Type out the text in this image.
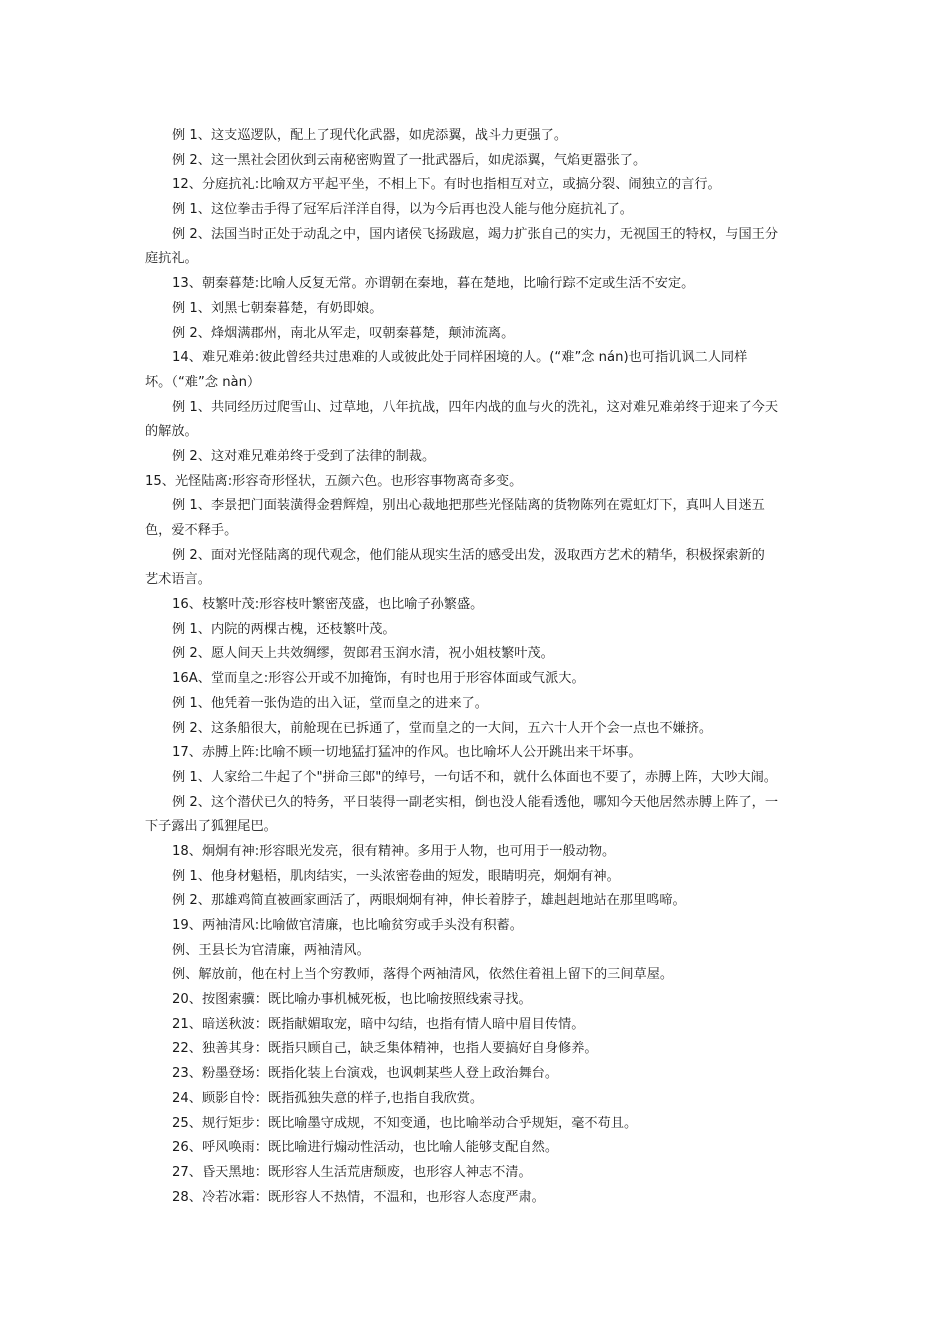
例 1、这支巡逻队，配上了现代化武器，如虎添翼，战斗力更强了。
例 2、这一黑社会团伙到云南秘密购置了一批武器后，如虎添翼，气焰更嚣张了。
12、分庭抗礼:比喻双方平起平坐，不相上下。有时也指相互对立，或搞分裂、闹独立的言行。
例 1、这位拳击手得了冠军后洋洋自得，以为今后再也没人能与他分庭抗礼了。
例 2、法国当时正处于动乱之中，国内诸侯飞扬跋扈，竭力扩张自己的实力，无视国王的特权，与国王分
庭抗礼。
13、朝秦暮楚:比喻人反复无常。亦谓朝在秦地，暮在楚地，比喻行踪不定或生活不安定。
例 1、刘黑七朝秦暮楚，有奶即娘。
例 2、烽烟满郡州，南北从军走，叹朝秦暮楚，颠沛流离。
14、难兄难弟:彼此曾经共过患难的人或彼此处于同样困境的人。(“难”念 nán)也可指讥讽二人同样
坏。（“难”念 nàn）
例 1、共同经历过爬雪山、过草地，八年抗战，四年内战的血与火的洗礼，这对难兄难弟终于迎来了今天
的解放。
例 2、这对难兄难弟终于受到了法律的制裁。
15、光怪陆离:形容奇形怪状，五颜六色。也形容事物离奇多变。
例 1、李景把门面装潢得金碧辉煌，别出心裁地把那些光怪陆离的货物陈列在霓虹灯下，真叫人目迷五
色，爱不释手。
例 2、面对光怪陆离的现代观念，他们能从现实生活的感受出发，汲取西方艺术的精华，积极探索新的
艺术语言。
16、枝繁叶茂:形容枝叶繁密茂盛，也比喻子孙繁盛。
例 1、内院的两棵古槐，还枝繁叶茂。
例 2、愿人间天上共效绸缪，贺郎君玉润水清，祝小姐枝繁叶茂。
16A、堂而皇之:形容公开或不加掩饰，有时也用于形容体面或气派大。
例 1、他凭着一张伪造的出入证，堂而皇之的进来了。
例 2、这条船很大，前舱现在已拆通了，堂而皇之的一大间，五六十人开个会一点也不嫌挤。
17、赤膊上阵:比喻不顾一切地猛打猛冲的作风。也比喻坏人公开跳出来干坏事。
例 1、人家给二牛起了个"拼命三郎"的绰号，一句话不和，就什么体面也不要了，赤膊上阵，大吵大闹。
例 2、这个潜伏已久的特务，平日装得一副老实相，倒也没人能看透他，哪知今天他居然赤膊上阵了，一
下子露出了狐狸尾巴。
18、炯炯有神:形容眼光发亮，很有精神。多用于人物，也可用于一般动物。
例 1、他身材魁梧，肌肉结实，一头浓密卷曲的短发，眼睛明亮，炯炯有神。
例 2、那雄鸡简直被画家画活了，两眼炯炯有神，伸长着脖子，雄赳赳地站在那里鸣啼。
19、两袖清风:比喻做官清廉，也比喻贫穷或手头没有积蓄。
例、王县长为官清廉，两袖清风。
例、解放前，他在村上当个穷教师，落得个两袖清风，依然住着祖上留下的三间草屋。
20、按图索骥：既比喻办事机械死板，也比喻按照线索寻找。
21、暗送秋波：既指献媚取宠，暗中勾结，也指有情人暗中眉目传情。
22、独善其身：既指只顾自己，缺乏集体精神，也指人要搞好自身修养。
23、粉墨登场：既指化装上台演戏，也讽刺某些人登上政治舞台。
24、顾影自怜：既指孤独失意的样子,也指自我欣赏。
25、规行矩步：既比喻墨守成规，不知变通，也比喻举动合乎规矩，毫不苟且。
26、呼风唤雨：既比喻进行煽动性活动，也比喻人能够支配自然。
27、昏天黑地：既形容人生活荒唐颓废，也形容人神志不清。
28、冷若冰霜：既形容人不热情，不温和，也形容人态度严肃。
